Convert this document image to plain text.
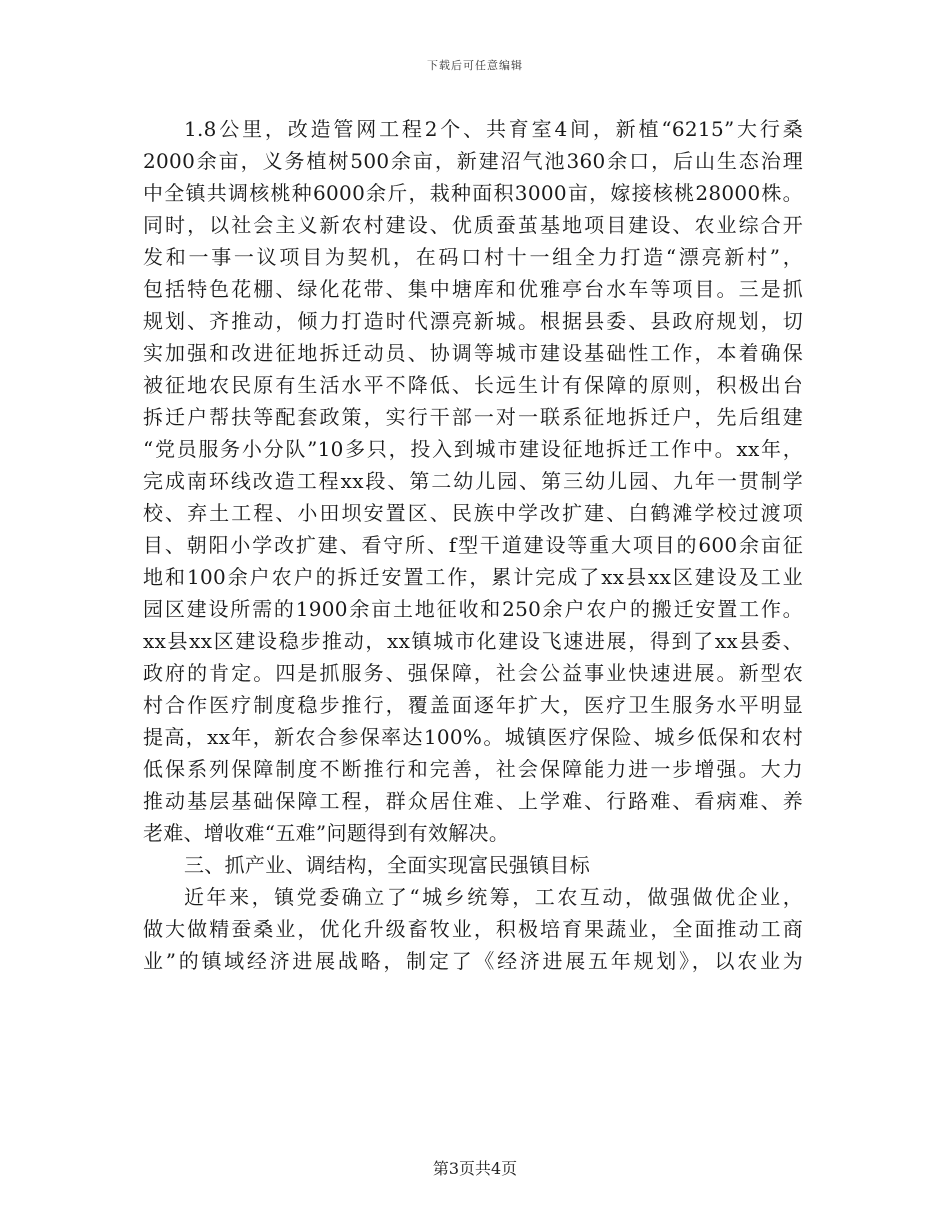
下载后可任意编辑
1.8公里，改造管网工程2个、共育室4间，新植“6215”大行桑
2000余亩，义务植树500余亩，新建沼气池360余口，后山生态治理
中全镇共调核桃种6000余斤，栽种面积3000亩，嫁接核桃28000株。
同时，以社会主义新农村建设、优质蚕茧基地项目建设、农业综合开
发和一事一议项目为契机，在码口村十一组全力打造“漂亮新村”，
包括特色花棚、绿化花带、集中塘库和优雅亭台水车等项目。三是抓
规划、齐推动，倾力打造时代漂亮新城。根据县委、县政府规划，切
实加强和改进征地拆迁动员、协调等城市建设基础性工作，本着确保
被征地农民原有生活水平不降低、长远生计有保障的原则，积极出台
拆迁户帮扶等配套政策，实行干部一对一联系征地拆迁户，先后组建
“党员服务小分队”10多只，投入到城市建设征地拆迁工作中。xx年，
完成南环线改造工程xx段、第二幼儿园、第三幼儿园、九年一贯制学
校、弃土工程、小田坝安置区、民族中学改扩建、白鹤滩学校过渡项
目、朝阳小学改扩建、看守所、f型干道建设等重大项目的600余亩征
地和100余户农户的拆迁安置工作，累计完成了xx县xx区建设及工业
园区建设所需的1900余亩土地征收和250余户农户的搬迁安置工作。
xx县xx区建设稳步推动，xx镇城市化建设飞速进展，得到了xx县委、
政府的肯定。四是抓服务、强保障，社会公益事业快速进展。新型农
村合作医疗制度稳步推行，覆盖面逐年扩大，医疗卫生服务水平明显
提高，xx年，新农合参保率达100%。城镇医疗保险、城乡低保和农村
低保系列保障制度不断推行和完善，社会保障能力进一步增强。大力
推动基层基础保障工程，群众居住难、上学难、行路难、看病难、养
老难、增收难“五难”问题得到有效解决。
三、抓产业、调结构，全面实现富民强镇目标
近年来，镇党委确立了“城乡统筹，工农互动，做强做优企业，
做大做精蚕桑业，优化升级畜牧业，积极培育果蔬业，全面推动工商
业”的镇域经济进展战略，制定了《经济进展五年规划》，以农业为
第3页共4页
